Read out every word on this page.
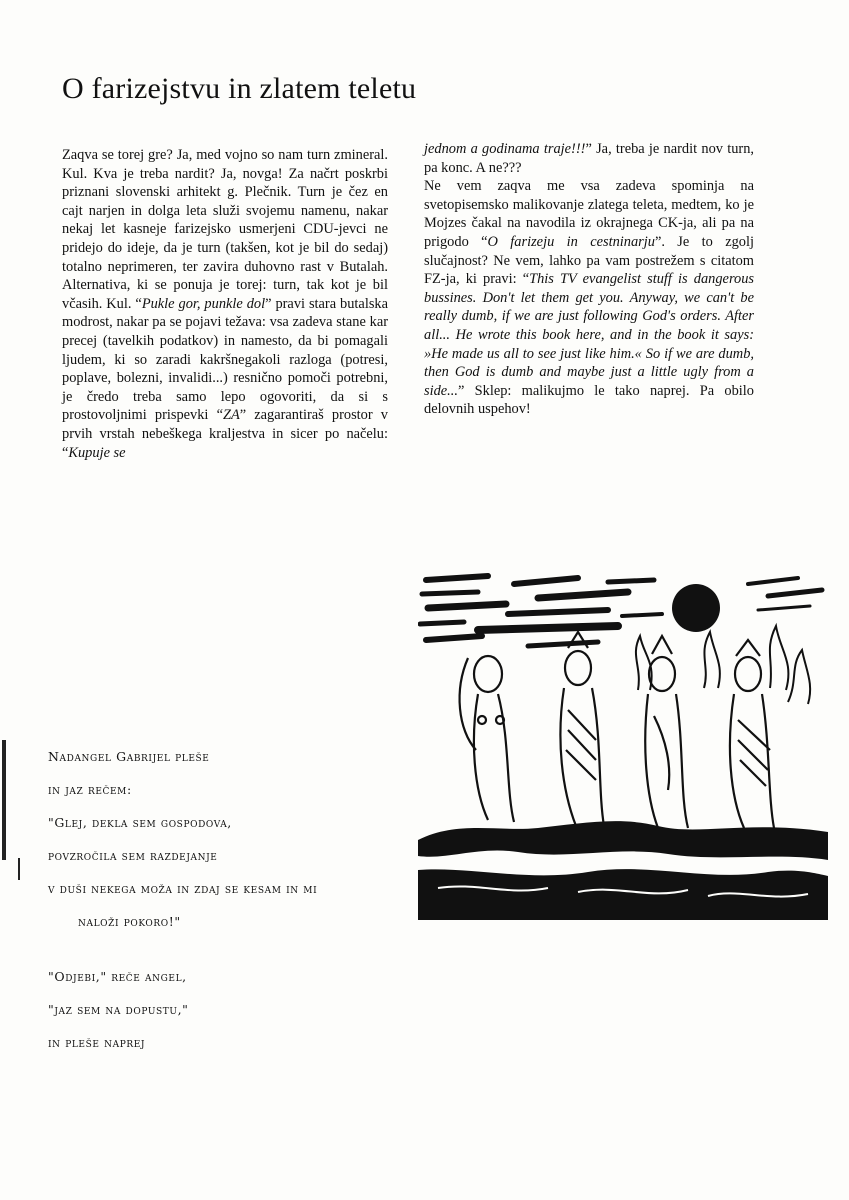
O farizejstvu in zlatem teletu

Zaqva se torej gre? Ja, med vojno so nam turn zmineral. Kul. Kva je treba nardit? Ja, novga! Za načrt poskrbi priznani slovenski arhitekt g. Plečnik. Turn je čez en cajt narjen in dolga leta služi svojemu namenu, nakar nekaj let kasneje farizejsko usmerjeni CDU-jevci ne pridejo do ideje, da je turn (takšen, kot je bil do sedaj) totalno neprimeren, ter zavira duhovno rast v Butalah. Alternativa, ki se ponuja je torej: turn, tak kot je bil včasih. Kul. “Pukle gor, punkle dol” pravi stara butalska modrost, nakar pa se pojavi težava: vsa zadeva stane kar precej (tavelkih podatkov) in namesto, da bi pomagali ljudem, ki so zaradi kakršnegakoli razloga (potresi, poplave, bolezni, invalidi...) resnično pomoči potrebni, je čredo treba samo lepo ogovoriti, da si s prostovoljnimi prispevki “ZA” zagarantiraš prostor v prvih vrstah nebeškega kraljestva in sicer po načelu: “Kupuje se

jednom a godinama traje!!!” Ja, treba je nardit nov turn, pa konc. A ne???

Ne vem zaqva me vsa zadeva spominja na svetopisemsko malikovanje zlatega teleta, medtem, ko je Mojzes čakal na navodila iz okrajnega CK-ja, ali pa na prigodo “O farizeju in cestninarju”. Je to zgolj slučajnost? Ne vem, lahko pa vam postrežem s citatom FZ-ja, ki pravi: “This TV evangelist stuff is dangerous bussines. Don't let them get you. Anyway, we can't be really dumb, if we are just following God's orders. After all... He wrote this book here, and in the book it says: »He made us all to see just like him.« So if we are dumb, then God is dumb and maybe just a little ugly from a side...” Sklep: malikujmo le tako naprej. Pa obilo delovnih uspehov!

Nadangel Gabrijel pleše
in jaz rečem:
"Glej, dekla sem gospodova,
povzročila sem razdejanje
v duši nekega moža in zdaj se kesam in mi
naloži pokoro!"
"Odjebi," reče angel,
"jaz sem na dopustu,"
in pleše naprej
